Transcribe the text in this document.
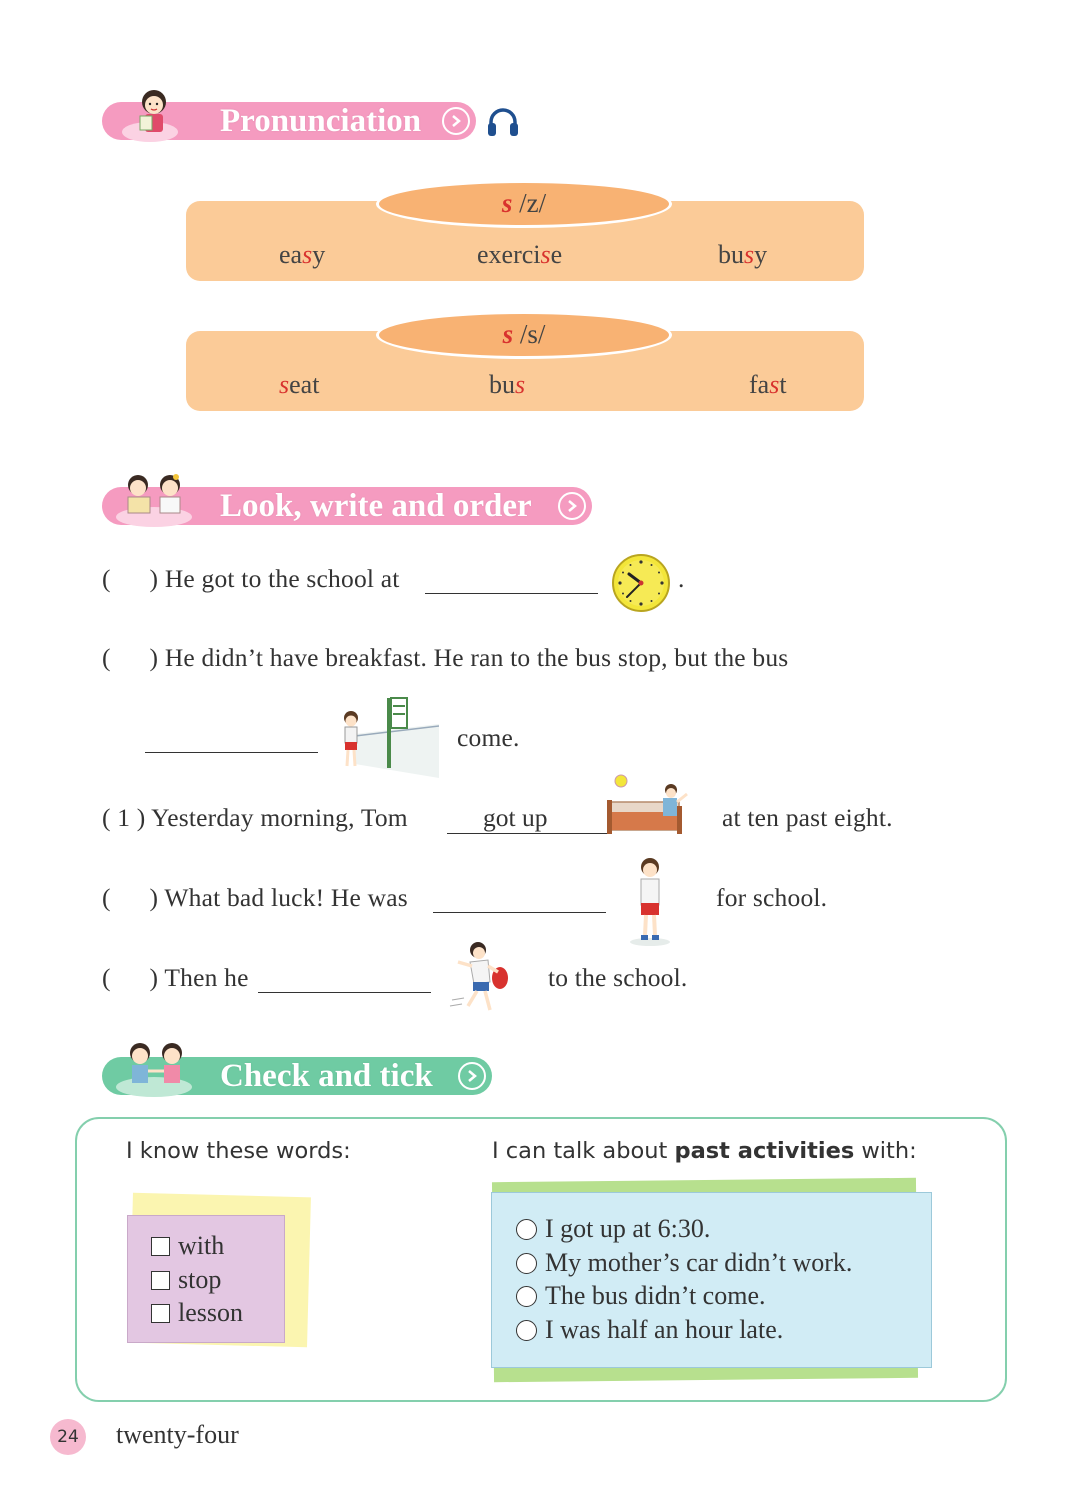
Pronunciation
s /z/
easy	exercise	busy
s /s/
seat	bus	fast
Look, write and order
(   ) He got to the school at	.
(   ) He didn’t have breakfast. He ran to the bus stop, but the bus
come.
( 1 ) Yesterday morning, Tom	got up	at ten past eight.
(   ) What bad luck! He was	for school.
(   ) Then he	to the school.
Check and tick
I know these words:	I can talk about past activities with:
with
stop
lesson
I got up at 6:30.
My mother’s car didn’t work.
The bus didn’t come.
I was half an hour late.
24 twenty-four
